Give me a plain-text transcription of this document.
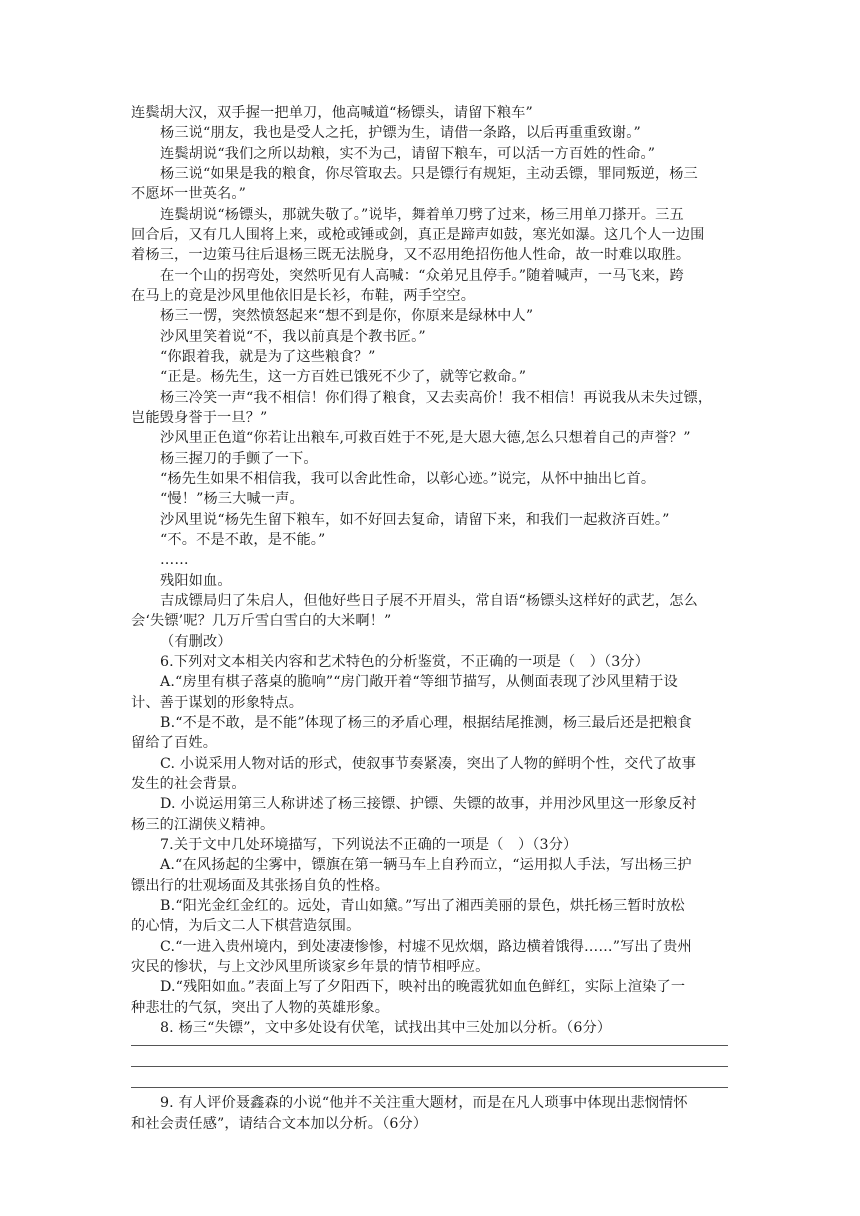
连鬓胡大汉，双手握一把单刀，他高喊道“杨镖头，请留下粮车”
杨三说“朋友，我也是受人之托，护镖为生，请借一条路，以后再重重致谢。”
连鬓胡说“我们之所以劫粮，实不为己，请留下粮车，可以活一方百姓的性命。”
杨三说“如果是我的粮食，你尽管取去。只是镖行有规矩，主动丢镖，罪同叛逆，杨三
不愿坏一世英名。”
连鬓胡说“杨镖头，那就失敬了。”说毕，舞着单刀劈了过来，杨三用单刀搽开。三五
回合后，又有几人围将上来，或枪或锤或剑，真正是蹄声如鼓，寒光如瀑。这几个人一边围
着杨三，一边策马往后退杨三既无法脱身，又不忍用绝招伤他人性命，故一时难以取胜。
在一个山的拐弯处，突然听见有人高喊：“众弟兄且停手。”随着喊声，一马飞来，跨
在马上的竟是沙风里他依旧是长衫，布鞋，两手空空。
杨三一愣，突然愤怒起来“想不到是你，你原来是绿林中人”
沙风里笑着说“不，我以前真是个教书匠。”
“你跟着我，就是为了这些粮食？”
“正是。杨先生，这一方百姓已饿死不少了，就等它救命。”
杨三冷笑一声“我不相信！你们得了粮食，又去卖高价！我不相信！再说我从未失过镖，
岂能毁身誉于一旦？”
沙风里正色道“你若让出粮车,可救百姓于不死,是大恩大德,怎么只想着自己的声誉？”
杨三握刀的手颤了一下。
“杨先生如果不相信我，我可以舍此性命，以彰心迹。”说完，从怀中抽出匕首。
“慢！”杨三大喊一声。
沙风里说“杨先生留下粮车，如不好回去复命，请留下来，和我们一起救济百姓。”
“不。不是不敢，是不能。”
……
残阳如血。
吉成镖局归了朱启人，但他好些日子展不开眉头，常自语“杨镖头这样好的武艺，怎么
会‘失镖’呢？几万斤雪白雪白的大米啊！”
（有删改）
6.下列对文本相关内容和艺术特色的分析鉴赏，不正确的一项是（　）（3分）
A.“房里有棋子落桌的脆响”“房门敞开着“等细节描写，从侧面表现了沙风里精于设
计、善于谋划的形象特点。
B.“不是不敢，是不能”体现了杨三的矛盾心理，根据结尾推测，杨三最后还是把粮食
留给了百姓。
C. 小说采用人物对话的形式，使叙事节奏紧凑，突出了人物的鲜明个性，交代了故事
发生的社会背景。
D. 小说运用第三人称讲述了杨三接镖、护镖、失镖的故事，并用沙风里这一形象反衬
杨三的江湖侠义精神。
7.关于文中几处环境描写，下列说法不正确的一项是（　）（3分）
A.“在风扬起的尘雾中，镖旗在第一辆马车上自矜而立，“运用拟人手法，写出杨三护
镖出行的壮观场面及其张扬自负的性格。
B.“阳光金红金红的。远处，青山如黛。”写出了湘西美丽的景色，烘托杨三暂时放松
的心情，为后文二人下棋营造氛围。
C.“一进入贵州境内，到处凄凄惨惨，村墟不见炊烟，路边横着饿得……”写出了贵州
灾民的惨状，与上文沙风里所谈家乡年景的情节相呼应。
D.“残阳如血。”表面上写了夕阳西下，映衬出的晚霞犹如血色鲜红，实际上渲染了一
种悲壮的气氛，突出了人物的英雄形象。
8. 杨三“失镖”，文中多处设有伏笔，试找出其中三处加以分析。（6分）
9. 有人评价聂鑫森的小说“他并不关注重大题材，而是在凡人琐事中体现出悲悯情怀
和社会责任感”，请结合文本加以分析。（6分）
